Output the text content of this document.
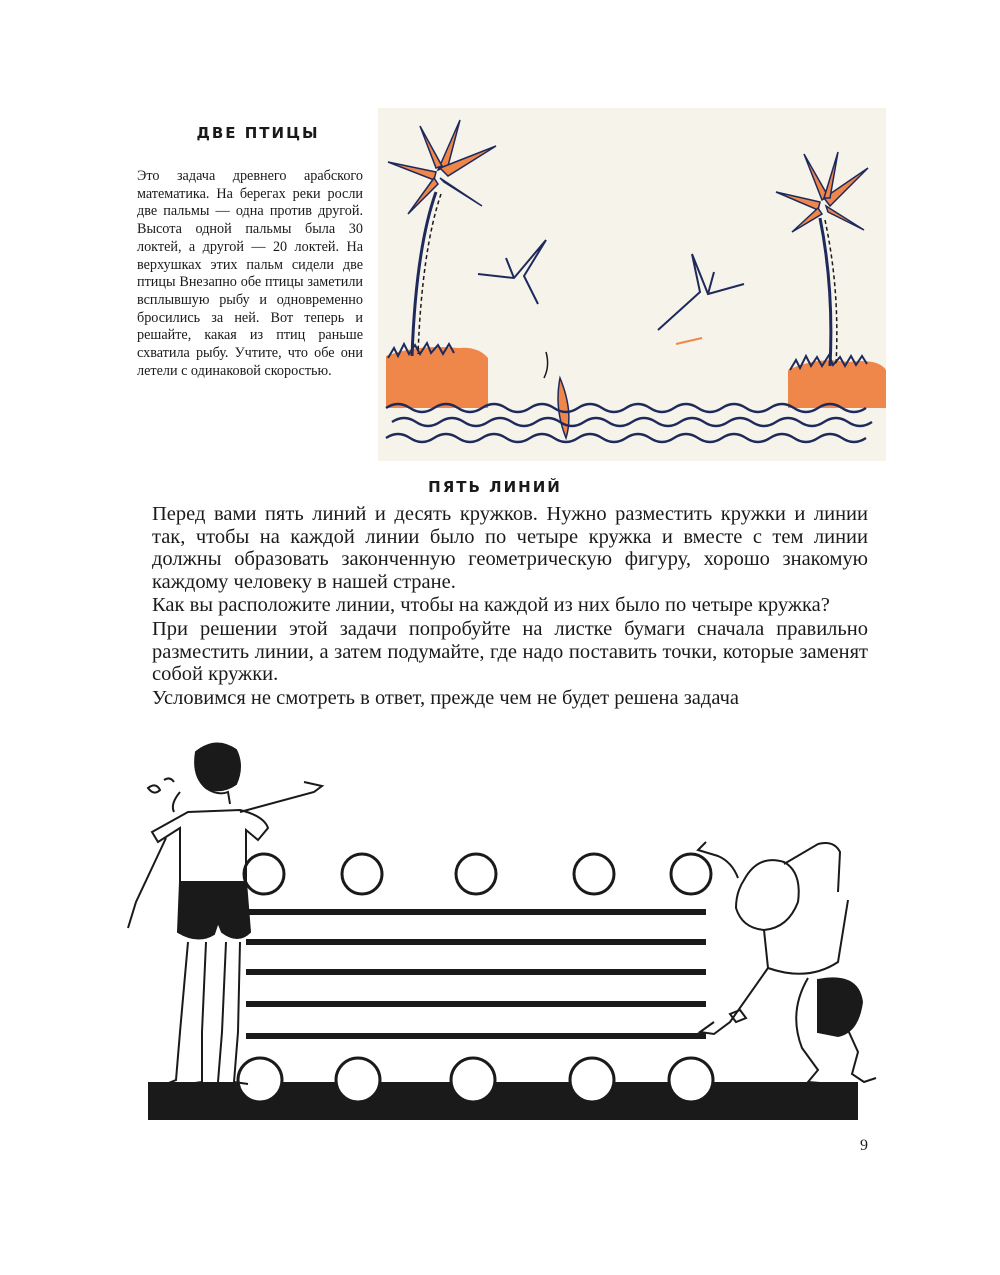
ДВЕ ПТИЦЫ

Это задача древнего арабского математика. На берегах реки росли две пальмы — одна против другой. Высота одной пальмы была 30 локтей, а другой — 20 локтей. На верхушках этих пальм сидели две птицы Внезапно обе птицы заметили всплывшую рыбу и одновременно бросились за ней. Вот теперь и решайте, какая из птиц раньше схватила рыбу. Учтите, что обе они летели с одинаковой скоростью.

ПЯТЬ ЛИНИЙ

Перед вами пять линий и десять кружков. Нужно разместить кружки и линии так, чтобы на каждой линии было по четыре кружка и вместе с тем линии должны образовать законченную геометрическую фигуру, хорошо знакомую каждому человеку в нашей стране.

Как вы расположите линии, чтобы на каждой из них было по четыре кружка?

При решении этой задачи попробуйте на листке бумаги сначала правильно разместить линии, а затем подумайте, где надо поставить точки, которые заменят собой кружки.

Условимся не смотреть в ответ, прежде чем не будет решена задача

9
